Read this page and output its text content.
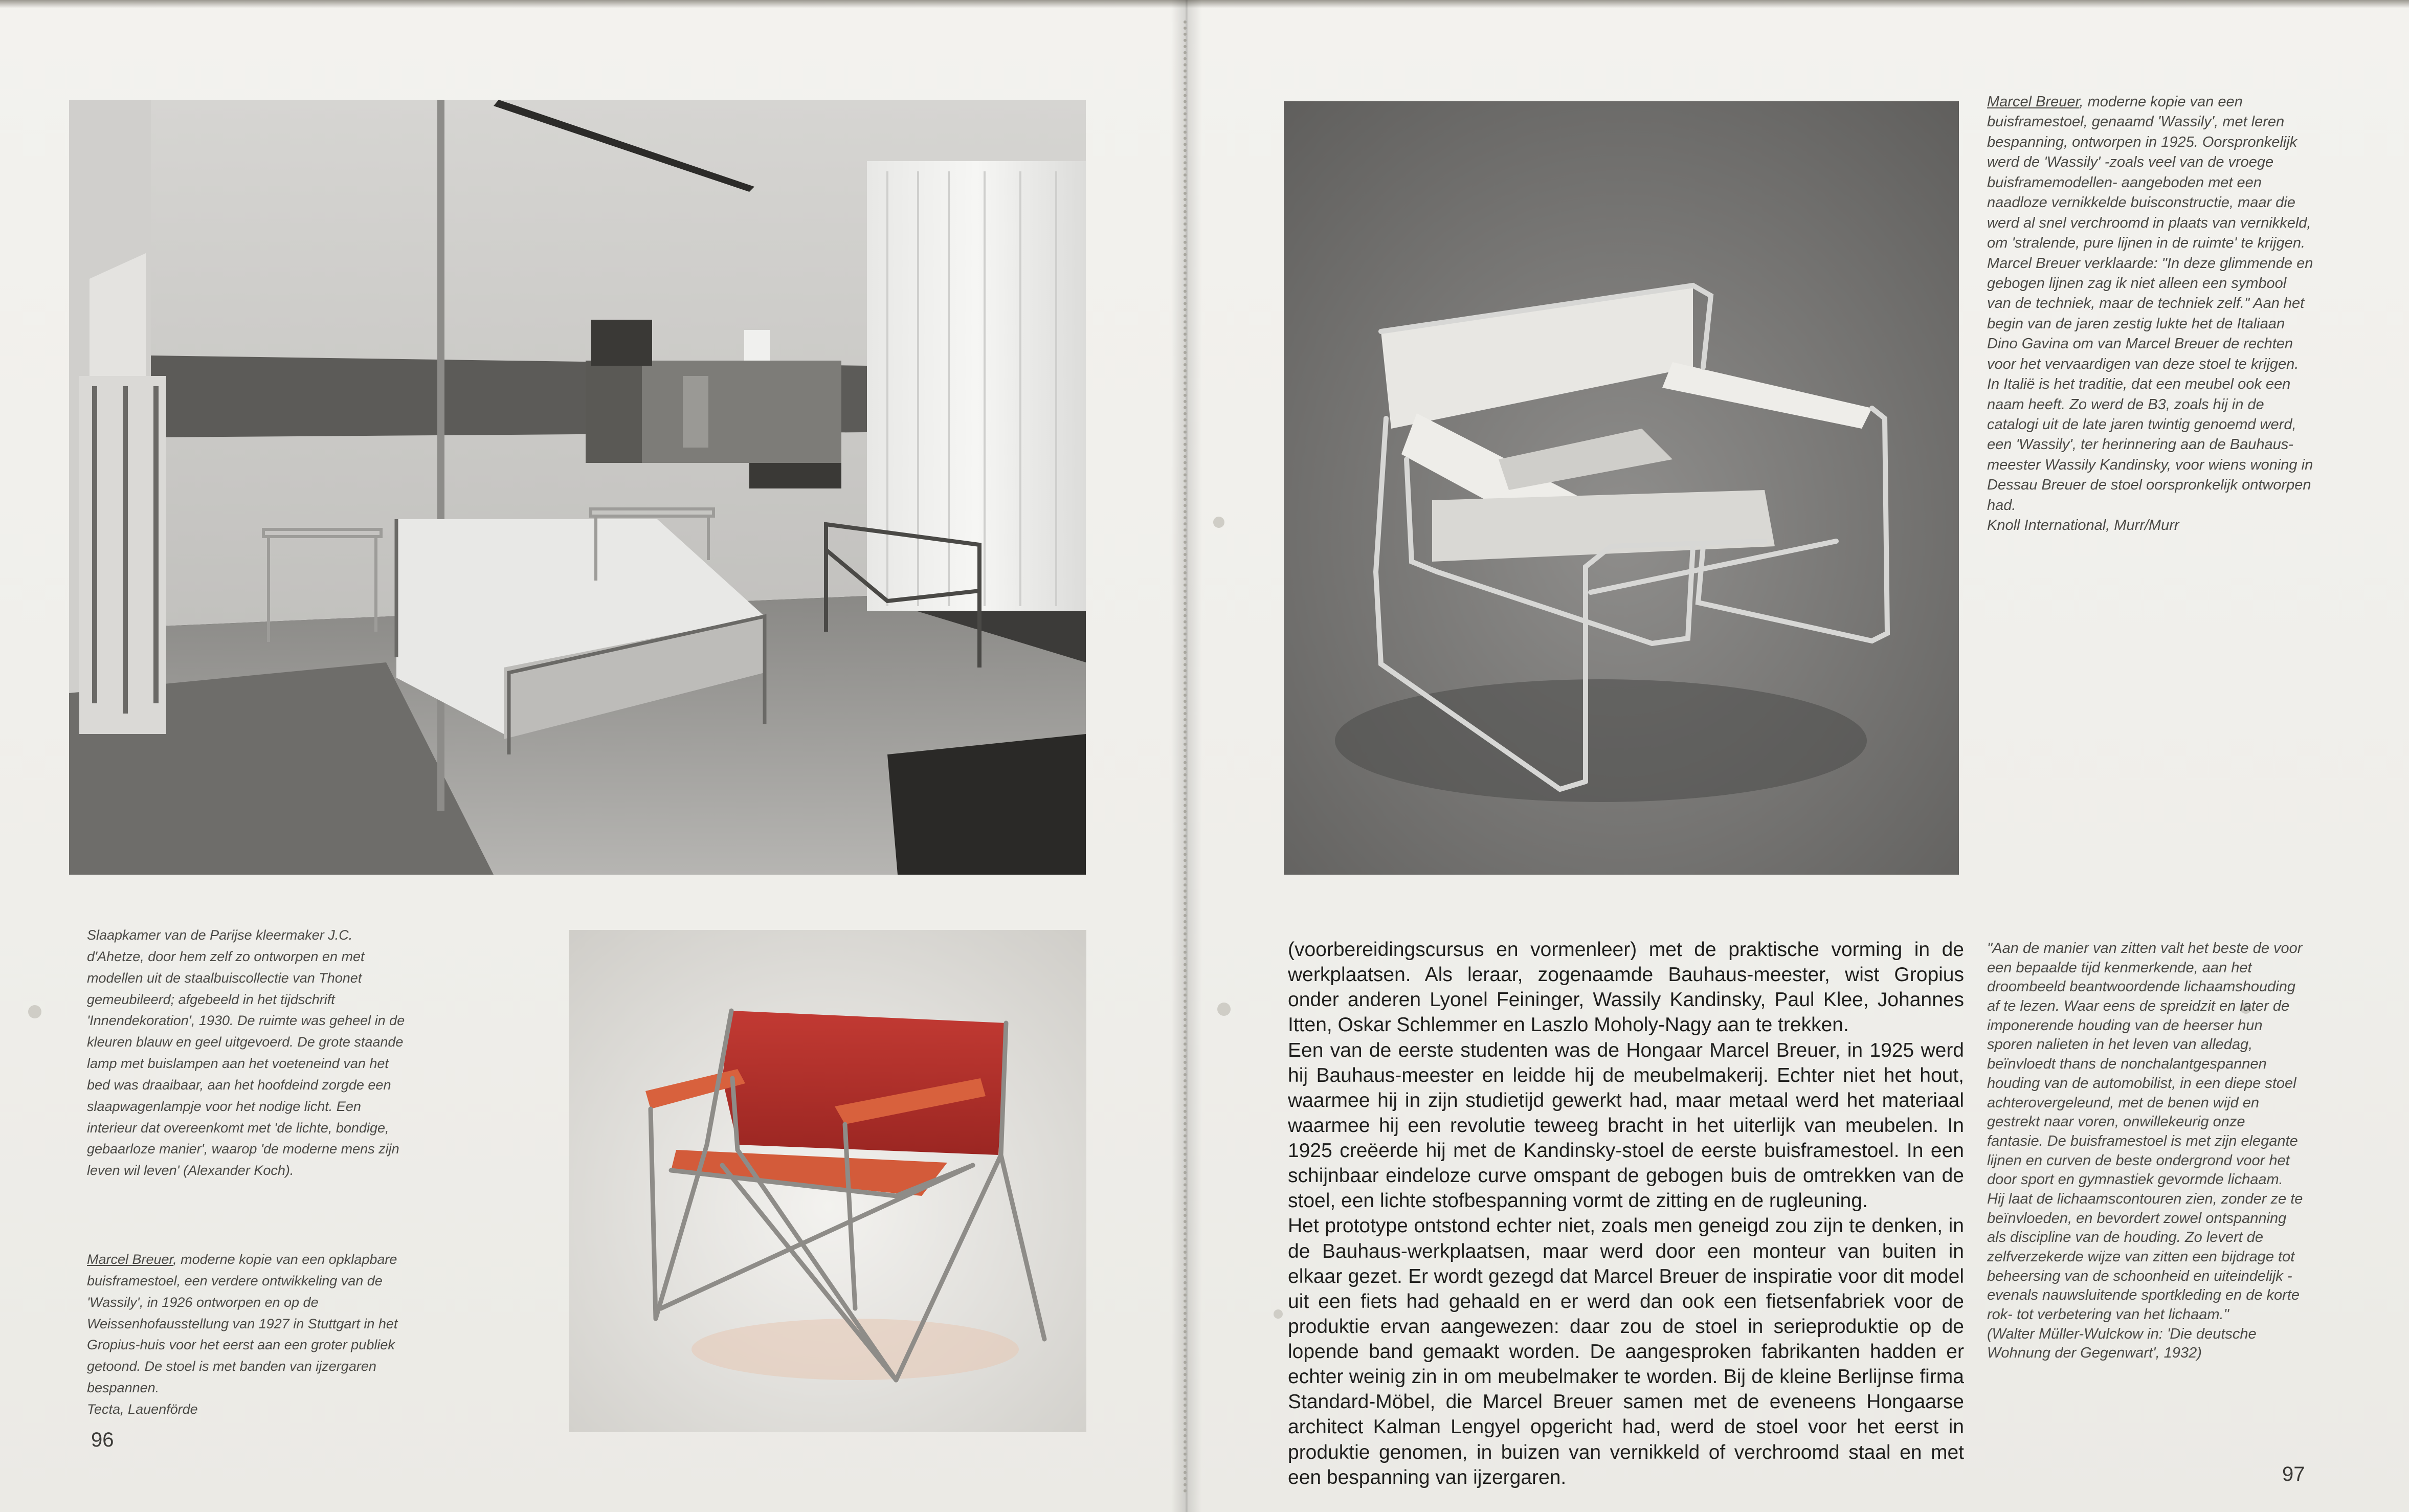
Slaapkamer van de Parijse kleermaker J.C. d'Ahetze, door hem zelf zo ontworpen en met modellen uit de staalbuiscollectie van Thonet gemeubileerd; afgebeeld in het tijdschrift 'Innendekoration', 1930. De ruimte was geheel in de kleuren blauw en geel uitgevoerd. De grote staande lamp met buislampen aan het voeteneind van het bed was draaibaar, aan het hoofdeind zorgde een slaapwagenlampje voor het nodige licht. Een interieur dat overeenkomt met 'de lichte, bondige, gebaarloze manier', waarop 'de moderne mens zijn leven wil leven' (Alexander Koch).

Marcel Breuer, moderne kopie van een opklapbare buisframestoel, een verdere ontwikkeling van de 'Wassily', in 1926 ontworpen en op de Weissenhofausstellung van 1927 in Stuttgart in het Gropius-huis voor het eerst aan een groter publiek getoond. De stoel is met banden van ijzergaren bespannen.

Tecta, Lauenförde

96

Marcel Breuer, moderne kopie van een buisframestoel, genaamd 'Wassily', met leren bespanning, ontworpen in 1925. Oorspronkelijk werd de 'Wassily' -zoals veel van de vroege buisframemodellen- aangeboden met een naadloze vernikkelde buisconstructie, maar die werd al snel verchroomd in plaats van vernikkeld, om 'stralende, pure lijnen in de ruimte' te krijgen. Marcel Breuer verklaarde: "In deze glimmende en gebogen lijnen zag ik niet alleen een symbool van de techniek, maar de techniek zelf." Aan het begin van de jaren zestig lukte het de Italiaan Dino Gavina om van Marcel Breuer de rechten voor het vervaardigen van deze stoel te krijgen. In Italië is het traditie, dat een meubel ook een naam heeft. Zo werd de B3, zoals hij in de catalogi uit de late jaren twintig genoemd werd, een 'Wassily', ter herinnering aan de Bauhaus-meester Wassily Kandinsky, voor wiens woning in Dessau Breuer de stoel oorspronkelijk ontworpen had.

Knoll International, Murr/Murr

(voorbereidingscursus en vormenleer) met de praktische vorming in de werkplaatsen. Als leraar, zogenaamde Bauhaus-meester, wist Gropius onder anderen Lyonel Feininger, Wassily Kandinsky, Paul Klee, Johannes Itten, Oskar Schlemmer en Laszlo Moholy-Nagy aan te trekken.

Een van de eerste studenten was de Hongaar Marcel Breuer, in 1925 werd hij Bauhaus-meester en leidde hij de meubelmakerij. Echter niet het hout, waarmee hij in zijn studietijd gewerkt had, maar metaal werd het materiaal waarmee hij een revolutie teweeg bracht in het uiterlijk van meubelen. In 1925 creëerde hij met de Kandinsky-stoel de eerste buisframestoel. In een schijnbaar eindeloze curve omspant de gebogen buis de omtrekken van de stoel, een lichte stofbespanning vormt de zitting en de rugleuning.

Het prototype ontstond echter niet, zoals men geneigd zou zijn te denken, in de Bauhaus-werkplaatsen, maar werd door een monteur van buiten in elkaar gezet. Er wordt gezegd dat Marcel Breuer de inspiratie voor dit model uit een fiets had gehaald en er werd dan ook een fietsenfabriek voor de produktie ervan aangewezen: daar zou de stoel in serieproduktie op de lopende band gemaakt worden. De aangesproken fabrikanten hadden er echter weinig zin in om meubelmaker te worden. Bij de kleine Berlijnse firma Standard-Möbel, die Marcel Breuer samen met de eveneens Hongaarse architect Kalman Lengyel opgericht had, werd de stoel voor het eerst in produktie genomen, in buizen van vernikkeld of verchroomd staal en met een bespanning van ijzergaren.

"Aan de manier van zitten valt het beste de voor een bepaalde tijd kenmerkende, aan het droombeeld beantwoordende lichaamshouding af te lezen. Waar eens de spreidzit en later de imponerende houding van de heerser hun sporen nalieten in het leven van alledag, beïnvloedt thans de nonchalantgespannen houding van de automobilist, in een diepe stoel achterovergeleund, met de benen wijd en gestrekt naar voren, onwillekeurig onze fantasie. De buisframestoel is met zijn elegante lijnen en curven de beste ondergrond voor het door sport en gymnastiek gevormde lichaam. Hij laat de lichaamscontouren zien, zonder ze te beïnvloeden, en bevordert zowel ontspanning als discipline van de houding. Zo levert de zelfverzekerde wijze van zitten een bijdrage tot beheersing van de schoonheid en uiteindelijk - evenals nauwsluitende sportkleding en de korte rok- tot verbetering van het lichaam."

(Walter Müller-Wulckow in: 'Die deutsche Wohnung der Gegenwart', 1932)

97
